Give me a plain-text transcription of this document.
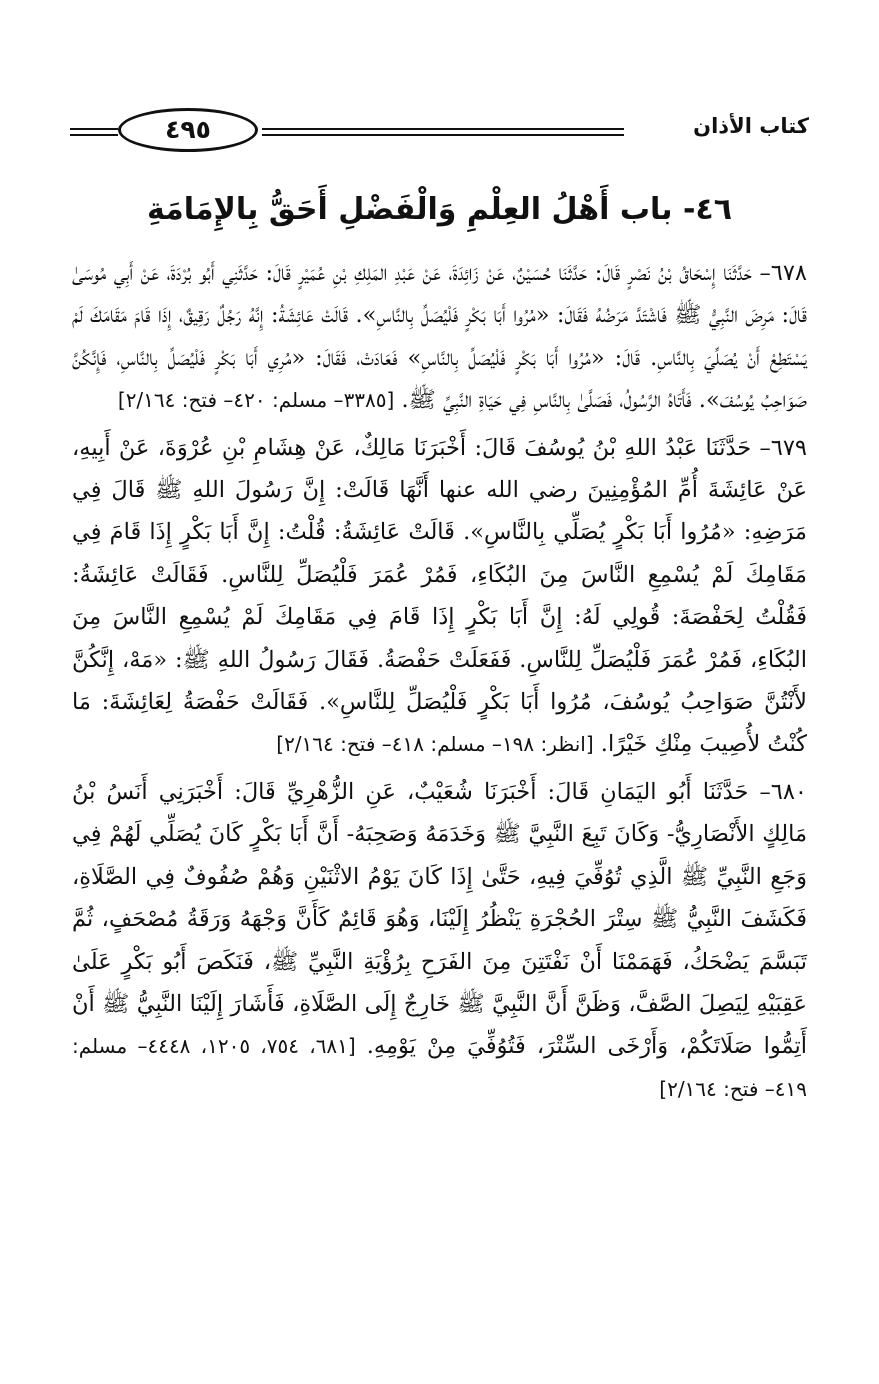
كتاب الأذان
٤٩٥
٤٦- باب أَهْلُ العِلْمِ وَالْفَضْلِ أَحَقُّ بِالإِمَامَةِ

٦٧٨– حَدَّثَنَا إِسْحَاقُ بْنُ نَصْرٍ قَالَ: حَدَّثَنَا حُسَيْنٌ، عَنْ زَائِدَةَ، عَنْ عَبْدِ المَلِكِ بْنِ عُمَيْرٍ قَالَ: حَدَّثَنِي أَبُو بُرْدَةَ، عَنْ أَبِي مُوسَىٰ قَالَ: مَرِضَ النَّبِيُّ ﷺ فَاشْتَدَّ مَرَضُهُ فَقَالَ: «مُرُوا أَبَا بَكْرٍ فَلْيُصَلِّ بِالنَّاسِ». قَالَتْ عَائِشَةُ: إِنَّهُ رَجُلٌ رَقِيقٌ، إِذَا قَامَ مَقَامَكَ لَمْ يَسْتَطِعْ أَنْ يُصَلِّيَ بِالنَّاسِ. قَالَ: «مُرُوا أَبَا بَكْرٍ فَلْيُصَلِّ بِالنَّاسِ» فَعَادَتْ، فَقَالَ: «مُرِي أَبَا بَكْرٍ فَلْيُصَلِّ بِالنَّاسِ، فَإِنَّكُنَّ صَوَاحِبُ يُوسُفَ». فَأَتَاهُ الرَّسُولُ، فَصَلَّىٰ بِالنَّاسِ فِي حَيَاةِ النَّبِيِّ ﷺ. [٣٣٨٥– مسلم: ٤٢٠– فتح: ٢/١٦٤]

٦٧٩– حَدَّثَنَا عَبْدُ اللهِ بْنُ يُوسُفَ قَالَ: أَخْبَرَنَا مَالِكٌ، عَنْ هِشَامِ بْنِ عُرْوَةَ، عَنْ أَبِيهِ، عَنْ عَائِشَةَ أُمِّ المُؤْمِنِينَ رضي الله عنها أَنَّهَا قَالَتْ: إِنَّ رَسُولَ اللهِ ﷺ قَالَ فِي مَرَضِهِ: «مُرُوا أَبَا بَكْرٍ يُصَلِّي بِالنَّاسِ». قَالَتْ عَائِشَةُ: قُلْتُ: إِنَّ أَبَا بَكْرٍ إِذَا قَامَ فِي مَقَامِكَ لَمْ يُسْمِعِ النَّاسَ مِنَ البُكَاءِ، فَمُرْ عُمَرَ فَلْيُصَلِّ لِلنَّاسِ. فَقَالَتْ عَائِشَةُ: فَقُلْتُ لِحَفْصَةَ: قُولِي لَهُ: إِنَّ أَبَا بَكْرٍ إِذَا قَامَ فِي مَقَامِكَ لَمْ يُسْمِعِ النَّاسَ مِنَ البُكَاءِ، فَمُرْ عُمَرَ فَلْيُصَلِّ لِلنَّاسِ. فَفَعَلَتْ حَفْصَةُ. فَقَالَ رَسُولُ اللهِ ﷺ: «مَهْ، إِنَّكُنَّ لأَنْتُنَّ صَوَاحِبُ يُوسُفَ، مُرُوا أَبَا بَكْرٍ فَلْيُصَلِّ لِلنَّاسِ». فَقَالَتْ حَفْصَةُ لِعَائِشَةَ: مَا كُنْتُ لأُصِيبَ مِنْكِ خَيْرًا. [انظر: ١٩٨– مسلم: ٤١٨– فتح: ٢/١٦٤]

٦٨٠– حَدَّثَنَا أَبُو اليَمَانِ قَالَ: أَخْبَرَنَا شُعَيْبٌ، عَنِ الزُّهْرِيِّ قَالَ: أَخْبَرَنِي أَنَسُ بْنُ مَالِكٍ الأَنْصَارِيُّ- وَكَانَ تَبِعَ النَّبِيَّ ﷺ وَخَدَمَهُ وَصَحِبَهُ- أَنَّ أَبَا بَكْرٍ كَانَ يُصَلِّي لَهُمْ فِي وَجَعِ النَّبِيِّ ﷺ الَّذِي تُوُفِّيَ فِيهِ، حَتَّىٰ إِذَا كَانَ يَوْمُ الاثْنَيْنِ وَهُمْ صُفُوفٌ فِي الصَّلَاةِ، فَكَشَفَ النَّبِيُّ ﷺ سِتْرَ الحُجْرَةِ يَنْظُرُ إِلَيْنَا، وَهُوَ قَائِمٌ كَأَنَّ وَجْهَهُ وَرَقَةُ مُصْحَفٍ، ثُمَّ تَبَسَّمَ يَضْحَكُ، فَهَمَمْنَا أَنْ نَفْتَتِنَ مِنَ الفَرَحِ بِرُؤْيَةِ النَّبِيِّ ﷺ، فَنَكَصَ أَبُو بَكْرٍ عَلَىٰ عَقِبَيْهِ لِيَصِلَ الصَّفَّ، وَظَنَّ أَنَّ النَّبِيَّ ﷺ خَارِجٌ إِلَى الصَّلَاةِ، فَأَشَارَ إِلَيْنَا النَّبِيُّ ﷺ أَنْ أَتِمُّوا صَلَاتَكُمْ، وَأَرْخَى السِّتْرَ، فَتُوُفِّيَ مِنْ يَوْمِهِ. [٦٨١، ٧٥٤، ١٢٠٥، ٤٤٤٨– مسلم: ٤١٩– فتح: ٢/١٦٤]
